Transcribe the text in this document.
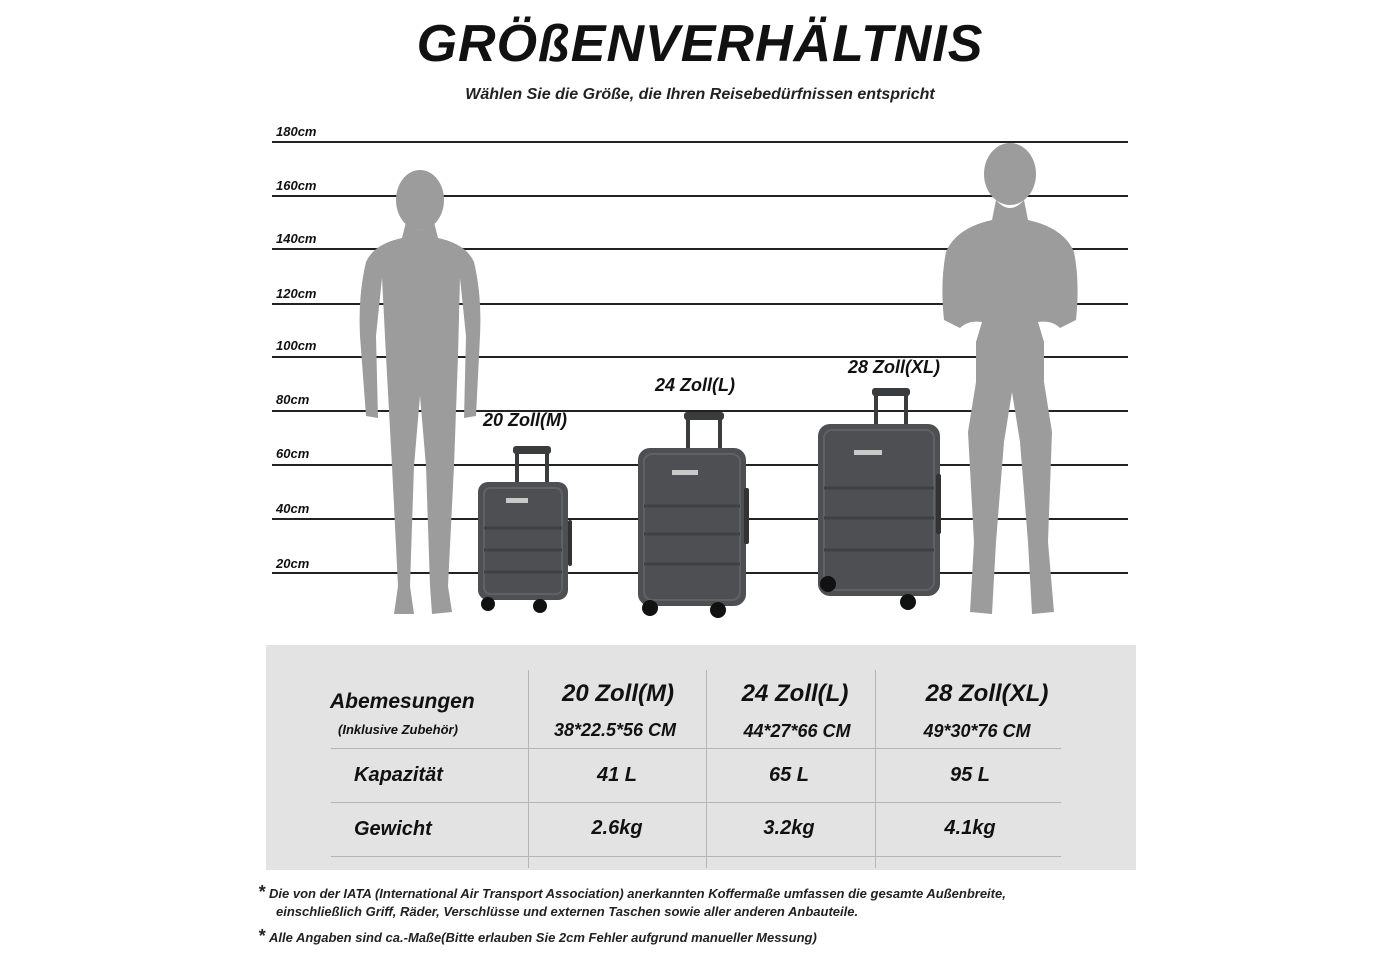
GRÖßENVERHÄLTNIS
Wählen Sie die Größe, die Ihren Reisebedürfnissen entspricht
180cm
160cm
140cm
120cm
100cm
80cm
60cm
40cm
20cm
20 Zoll(M)
24 Zoll(L)
28 Zoll(XL)
Abemesungen
(Inklusive Zubehör)
20 Zoll(M)	24 Zoll(L)	28 Zoll(XL)
38*22.5*56 CM	44*27*66 CM	49*30*76 CM
Kapazität	41 L	65 L	95 L
Gewicht	2.6kg	3.2kg	4.1kg
* Die von der IATA (International Air Transport Association) anerkannten Koffermaße umfassen die gesamte Außenbreite,
einschließlich Griff, Räder, Verschlüsse und externen Taschen sowie aller anderen Anbauteile.
* Alle Angaben sind ca.-Maße(Bitte erlauben Sie 2cm Fehler aufgrund manueller Messung)
